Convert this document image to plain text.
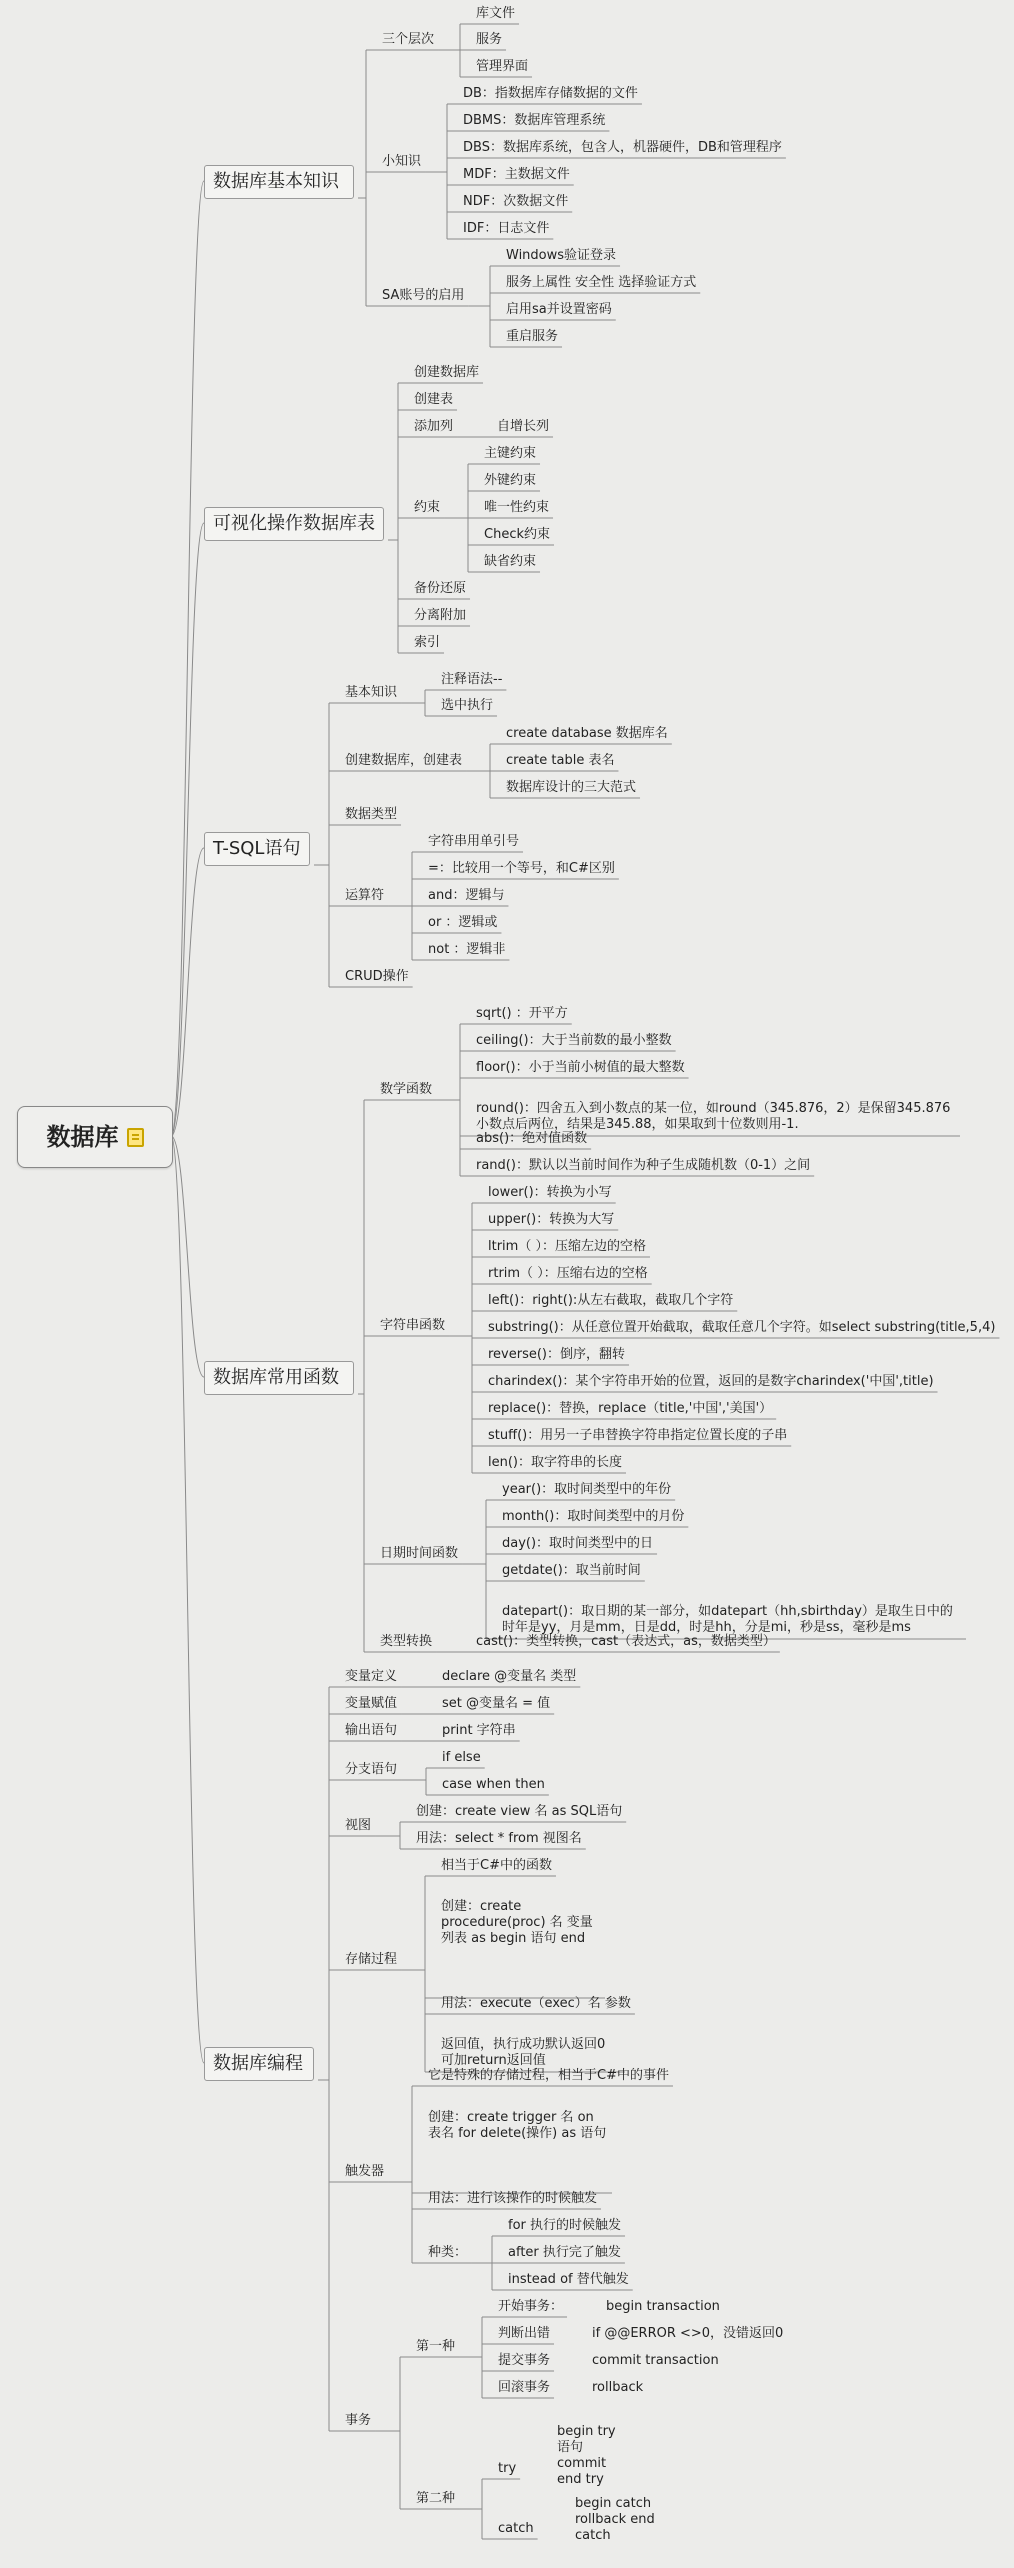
数据库
数据库基本知识
三个层次
库文件
服务
管理界面
小知识
DB：指数据库存储数据的文件
DBMS：数据库管理系统
DBS：数据库系统，包含人，机器硬件，DB和管理程序
MDF：主数据文件
NDF：次数据文件
IDF：日志文件
SA账号的启用
Windows验证登录
服务上属性 安全性 选择验证方式
启用sa并设置密码
重启服务
可视化操作数据库表
创建数据库
创建表
添加列	自增长列
约束
主键约束
外键约束
唯一性约束
Check约束
缺省约束
备份还原
分离附加
索引
T-SQL语句
基本知识
注释语法--
选中执行
创建数据库，创建表
create database 数据库名
create table 表名
数据库设计的三大范式
数据类型
运算符
字符串用单引号
=：比较用一个等号，和C#区别
and：逻辑与
or ：逻辑或
not ：逻辑非
CRUD操作
数据库常用函数
数学函数
sqrt() ：开平方
ceiling()：大于当前数的最小整数
floor()：小于当前小树值的最大整数
round()：四舍五入到小数点的某一位，如round（345.876，2）是保留345.876小数点后两位，结果是345.88，如果取到十位数则用-1.
abs()：绝对值函数
rand()：默认以当前时间作为种子生成随机数（0-1）之间
字符串函数
lower()：转换为小写
upper()：转换为大写
ltrim（ ）：压缩左边的空格
rtrim（ ）：压缩右边的空格
left()：right():从左右截取，截取几个字符
substring()：从任意位置开始截取，截取任意几个字符。如select substring(title,5,4)
reverse()：倒序，翻转
charindex()：某个字符串开始的位置，返回的是数字charindex('中国',title)
replace()：替换，replace（title,'中国','美国'）
stuff()：用另一子串替换字符串指定位置长度的子串
len()：取字符串的长度
日期时间函数
year()：取时间类型中的年份
month()：取时间类型中的月份
day()：取时间类型中的日
getdate()：取当前时间
datepart()：取日期的某一部分，如datepart（hh,sbirthday）是取生日中的时年是yy，月是mm，日是dd，时是hh，分是mi，秒是ss，毫秒是ms
类型转换	cast()：类型转换，cast（表达式，as，数据类型）
数据库编程
变量定义	declare @变量名 类型
变量赋值	set @变量名 = 值
输出语句	print 字符串
分支语句
if else
case when then
视图
创建：create view 名 as SQL语句
用法：select * from 视图名
存储过程
相当于C#中的函数
创建：create procedure(proc) 名 变量列表 as begin 语句 end
用法：execute（exec）名 参数
返回值，执行成功默认返回0 可加return返回值
触发器
它是特殊的存储过程，相当于C#中的事件
创建：create trigger 名 on 表名 for delete(操作) as 语句
用法：进行该操作的时候触发
种类：
for 执行的时候触发
after 执行完了触发
instead of 替代触发
事务
第一种
开始事务：
判断出错
提交事务
回滚事务
第二种
try
catch
begin transaction
if @@ERROR <>0，没错返回0
commit transaction
rollback
begin try 语句 commit end try
begin catch rollback end catch
